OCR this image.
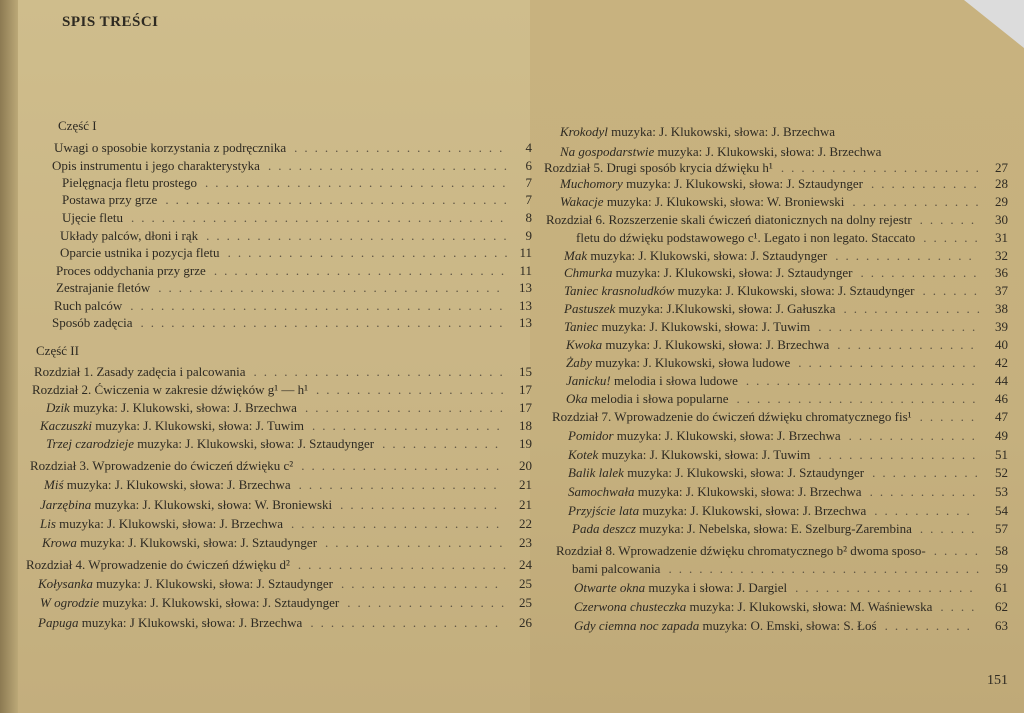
SPIS TREŚCI
Część I
Uwagi o sposobie korzystania z podręcznika	4
Opis instrumentu i jego charakterystyka	6
Pielęgnacja fletu prostego	7
Postawa przy grze	7
Ujęcie fletu	8
Układy palców, dłoni i rąk	9
Oparcie ustnika i pozycja fletu	11
Proces oddychania przy grze	11
Zestrajanie fletów	13
Ruch palców	13
Sposób zadęcia	13
Część II
Rozdział 1. Zasady zadęcia i palcowania	15
Rozdział 2. Ćwiczenia w zakresie dźwięków g¹ — h¹	17
Dzik muzyka: J. Klukowski, słowa: J. Brzechwa	17
Kaczuszki muzyka: J. Klukowski, słowa: J. Tuwim	18
Trzej czarodzieje muzyka: J. Klukowski, słowa: J. Sztaudynger	19
Rozdział 3. Wprowadzenie do ćwiczeń dźwięku c²	20
Miś muzyka: J. Klukowski, słowa: J. Brzechwa	21
Jarzębina muzyka: J. Klukowski, słowa: W. Broniewski	21
Lis muzyka: J. Klukowski, słowa: J. Brzechwa	22
Krowa muzyka: J. Klukowski, słowa: J. Sztaudynger	23
Rozdział 4. Wprowadzenie do ćwiczeń dźwięku d²	24
Kołysanka muzyka: J. Klukowski, słowa: J. Sztaudynger	25
W ogrodzie muzyka: J. Klukowski, słowa: J. Sztaudynger	25
Papuga muzyka: J Klukowski, słowa: J. Brzechwa	26
.....................
........................
..............................
..................................
.....................................
..............................
............................
.............................
..................................
.....................................
....................................
.........................
...................
....................
...................
............
....................
....................
................
.....................
..................
.....................
................
................
...................
Krokodyl muzyka: J. Klukowski, słowa: J. Brzechwa
Na gospodarstwie muzyka: J. Klukowski, słowa: J. Brzechwa
Rozdział 5. Drugi sposób krycia dźwięku h¹	27
Muchomory muzyka: J. Klukowski, słowa: J. Sztaudynger	28
Wakacje muzyka: J. Klukowski, słowa: W. Broniewski	29
Rozdział 6. Rozszerzenie skali ćwiczeń diatonicznych na dolny rejestr	30
fletu do dźwięku podstawowego c¹. Legato i non legato. Staccato	31
Mak muzyka: J. Klukowski, słowa: J. Sztaudynger	32
Chmurka muzyka: J. Klukowski, słowa: J. Sztaudynger	36
Taniec krasnoludków muzyka: J. Klukowski, słowa: J. Sztaudynger	37
Pastuszek muzyka: J.Klukowski, słowa: J. Gałuszka	38
Taniec muzyka: J. Klukowski, słowa: J. Tuwim	39
Kwoka muzyka: J. Klukowski, słowa: J. Brzechwa	40
Żaby muzyka: J. Klukowski, słowa ludowe	42
Janicku! melodia i słowa ludowe	44
Oka melodia i słowa popularne	46
Rozdział 7. Wprowadzenie do ćwiczeń dźwięku chromatycznego fis¹	47
Pomidor muzyka: J. Klukowski, słowa: J. Brzechwa	49
Kotek muzyka: J. Klukowski, słowa: J. Tuwim	51
Balik lalek muzyka: J. Klukowski, słowa: J. Sztaudynger	52
Samochwała muzyka: J. Klukowski, słowa: J. Brzechwa	53
Przyjście lata muzyka: J. Klukowski, słowa: J. Brzechwa	54
Pada deszcz muzyka: J. Nebelska, słowa: E. Szelburg-Zarembina	57
Rozdział 8. Wprowadzenie dźwięku chromatycznego b² dwoma sposo-	58
bami palcowania	59
Otwarte okna muzyka i słowa: J. Dargiel	61
Czerwona chusteczka muzyka: J. Klukowski, słowa: M. Waśniewska	62
Gdy ciemna noc zapada muzyka: O. Emski, słowa: S. Łoś	63
....................
...........
.............
......
......
..............
............
......
..............
................
..............
..................
.......................
........................
......
.............
................
...........
...........
..........
......
.....
...............................
..................
....
.........
151
